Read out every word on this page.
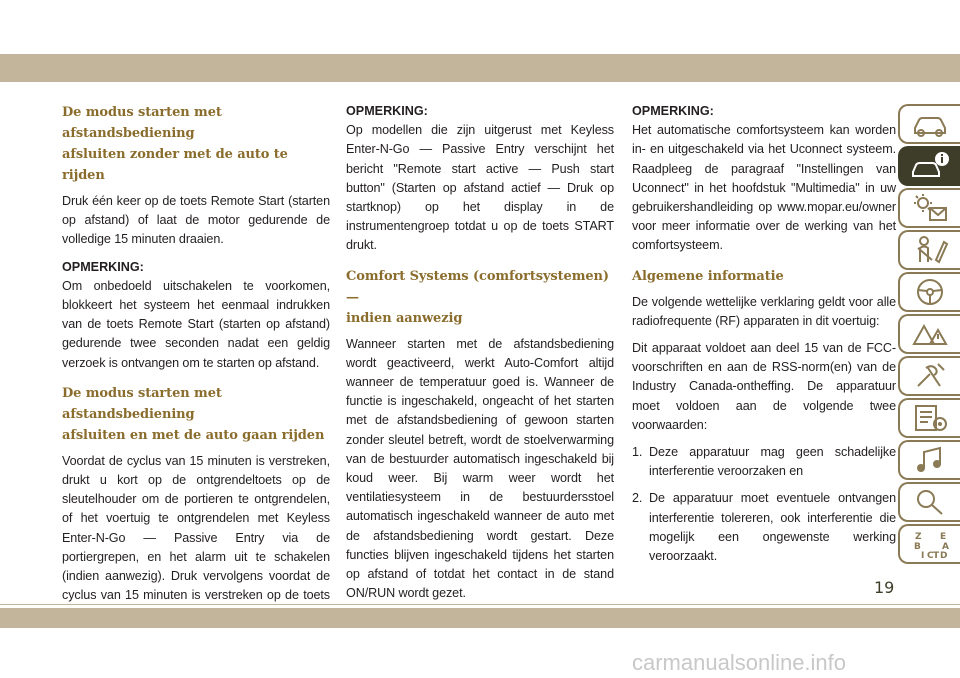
De modus starten met afstandsbediening
afsluiten zonder met de auto te rijden

Druk één keer op de toets Remote Start (starten op afstand) of laat de motor gedurende de volledige 15 minuten draaien.

OPMERKING:

Om onbedoeld uitschakelen te voorkomen, blokkeert het systeem het eenmaal indrukken van de toets Remote Start (starten op afstand) gedurende twee seconden nadat een geldig verzoek is ontvangen om te starten op afstand.

De modus starten met afstandsbediening
afsluiten en met de auto gaan rijden

Voordat de cyclus van 15 minuten is verstreken, drukt u kort op de ontgrendeltoets op de sleutelhouder om de portieren te ontgrendelen, of het voertuig te ontgrendelen met Keyless Enter-N-Go — Passive Entry via de portiergrepen, en het alarm uit te schakelen (indien aanwezig). Druk vervolgens voordat de cyclus van 15 minuten is verstreken op de toets

OPMERKING:

Op modellen die zijn uitgerust met Keyless Enter-N-Go — Passive Entry verschijnt het bericht "Remote start active — Push start button" (Starten op afstand actief — Druk op startknop) op het display in de instrumentengroep totdat u op de toets START drukt.

Comfort Systems (comfortsystemen) —
indien aanwezig

Wanneer starten met de afstandsbediening wordt geactiveerd, werkt Auto-Comfort altijd wanneer de temperatuur goed is. Wanneer de functie is ingeschakeld, ongeacht of het starten met de afstandsbediening of gewoon starten zonder sleutel betreft, wordt de stoelverwarming van de bestuurder automatisch ingeschakeld bij koud weer. Bij warm weer wordt het ventilatiesysteem in de bestuurdersstoel automatisch ingeschakeld wanneer de auto met de afstandsbediening wordt gestart. Deze functies blijven ingeschakeld tijdens het starten op afstand of totdat het contact in de stand ON/RUN wordt gezet.

OPMERKING:

Het automatische comfortsysteem kan worden in- en uitgeschakeld via het Uconnect systeem. Raadpleeg de paragraaf "Instellingen van Uconnect" in het hoofdstuk "Multimedia" in uw gebruikershandleiding op www.mopar.eu/owner voor meer informatie over de werking van het comfortsysteem.

Algemene informatie

De volgende wettelijke verklaring geldt voor alle radiofrequente (RF) apparaten in dit voertuig:

Dit apparaat voldoet aan deel 15 van de FCC-voorschriften en aan de RSS-norm(en) van de Industry Canada-ontheffing. De apparatuur moet voldoen aan de volgende twee voorwaarden:

1. Deze apparatuur mag geen schadelijke interferentie veroorzaken en
2. De apparatuur moet eventuele ontvangen interferentie tolereren, ook interferentie die mogelijk een ongewenste werking veroorzaakt.
Z E
B A
I C T D
19
carmanualsonline.info
